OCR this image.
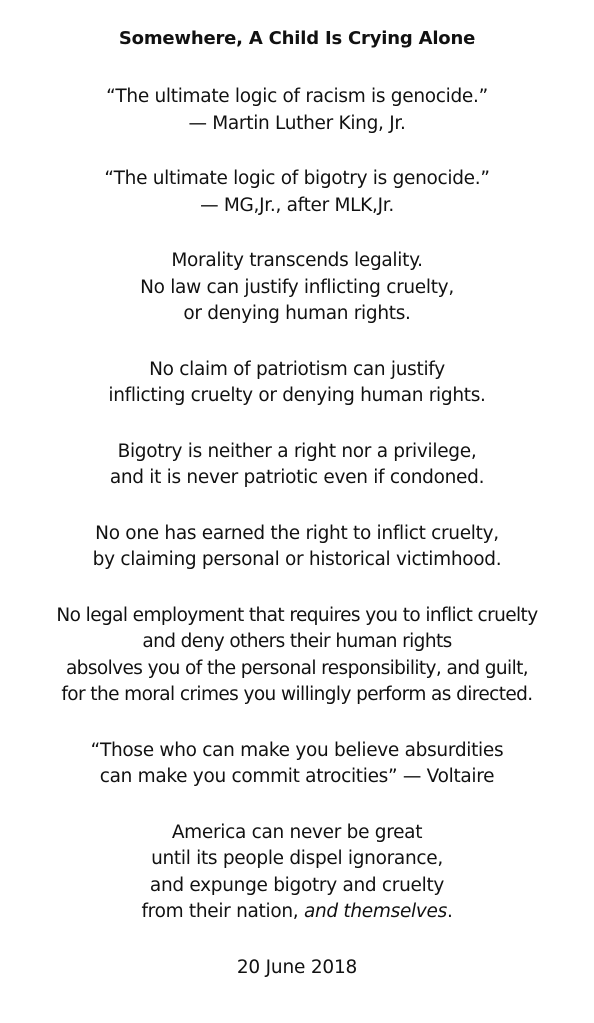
Somewhere, A Child Is Crying Alone
“The ultimate logic of racism is genocide.”
— Martin Luther King, Jr.
“The ultimate logic of bigotry is genocide.”
— MG,Jr., after MLK,Jr.
Morality transcends legality.
No law can justify inflicting cruelty,
or denying human rights.
No claim of patriotism can justify
inflicting cruelty or denying human rights.
Bigotry is neither a right nor a privilege,
and it is never patriotic even if condoned.
No one has earned the right to inflict cruelty,
by claiming personal or historical victimhood.
No legal employment that requires you to inflict cruelty
and deny others their human rights
absolves you of the personal responsibility, and guilt,
for the moral crimes you willingly perform as directed.
“Those who can make you believe absurdities
can make you commit atrocities” — Voltaire
America can never be great
until its people dispel ignorance,
and expunge bigotry and cruelty
from their nation, and themselves.
20 June 2018
